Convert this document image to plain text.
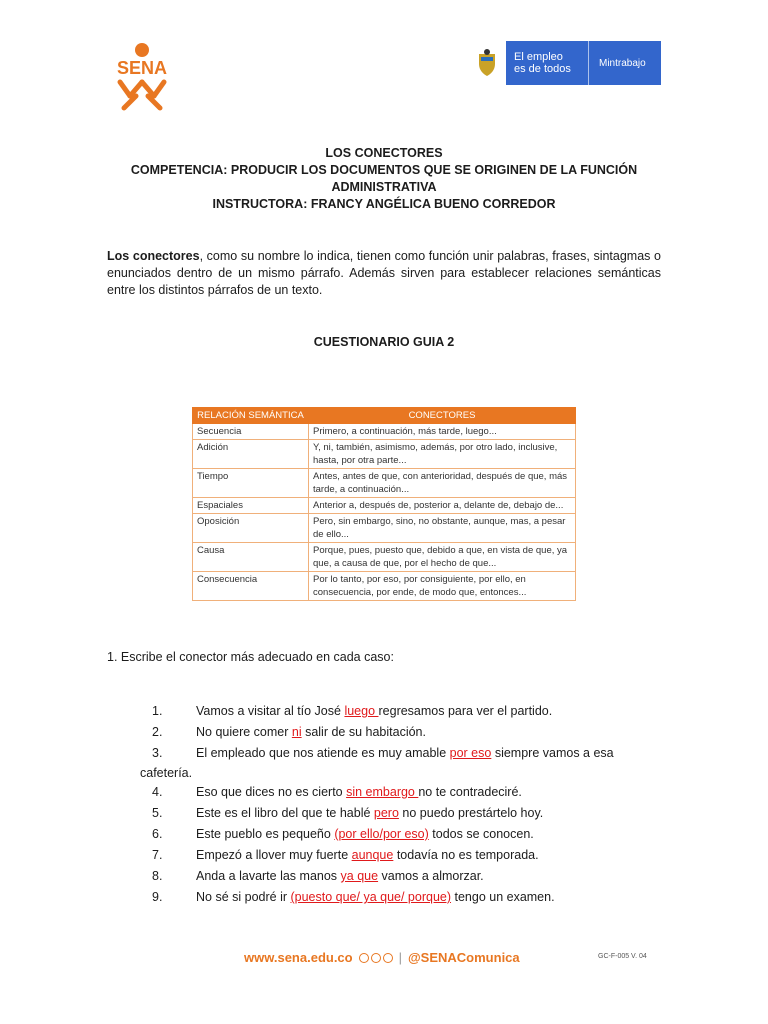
SENA
El empleo
es de todos	Mintrabajo
LOS CONECTORES
COMPETENCIA: PRODUCIR LOS DOCUMENTOS QUE SE ORIGINEN DE LA FUNCIÓN ADMINISTRATIVA
INSTRUCTORA: FRANCY ANGÉLICA BUENO CORREDOR
Los conectores, como su nombre lo indica, tienen como función unir palabras, frases, sintagmas o enunciados dentro de un mismo párrafo. Además sirven para establecer relaciones semánticas entre los distintos párrafos de un texto.
CUESTIONARIO GUIA 2
RELACIÓN SEMÁNTICA	CONECTORES
Secuencia	Primero, a continuación, más tarde, luego...
Adición	Y, ni, también, asimismo, además, por otro lado, inclusive, hasta, por otra parte...
Tiempo	Antes, antes de que, con anterioridad, después de que, más tarde, a continuación...
Espaciales	Anterior a, después de, posterior a, delante de, debajo de...
Oposición	Pero, sin embargo, sino, no obstante, aunque, mas, a pesar de ello...
Causa	Porque, pues, puesto que, debido a que, en vista de que, ya que, a causa de que, por el hecho de que...
Consecuencia	Por lo tanto, por eso, por consiguiente, por ello, en consecuencia, por ende, de modo que, entonces...
1. Escribe el conector más adecuado en cada caso:
1.	Vamos a visitar al tío José luego regresamos para ver el partido.
2.	No quiere comer ni salir de su habitación.
3.	El empleado que nos atiende es muy amable por eso siempre vamos a esa
cafetería.
4.	Eso que dices no es cierto sin embargo no te contradeciré.
5.	Este es el libro del que te hablé pero no puedo prestártelo hoy.
6.	Este pueblo es pequeño (por ello/por eso) todos se conocen.
7.	Empezó a llover muy fuerte aunque todavía no es temporada.
8.	Anda a lavartе las manos ya que vamos a almorzar.
9.	No sé si podré ir (puesto que/ ya que/ porque) tengo un examen.
www.sena.edu.co	| @SENAComunica	GC-F-005 V. 04
